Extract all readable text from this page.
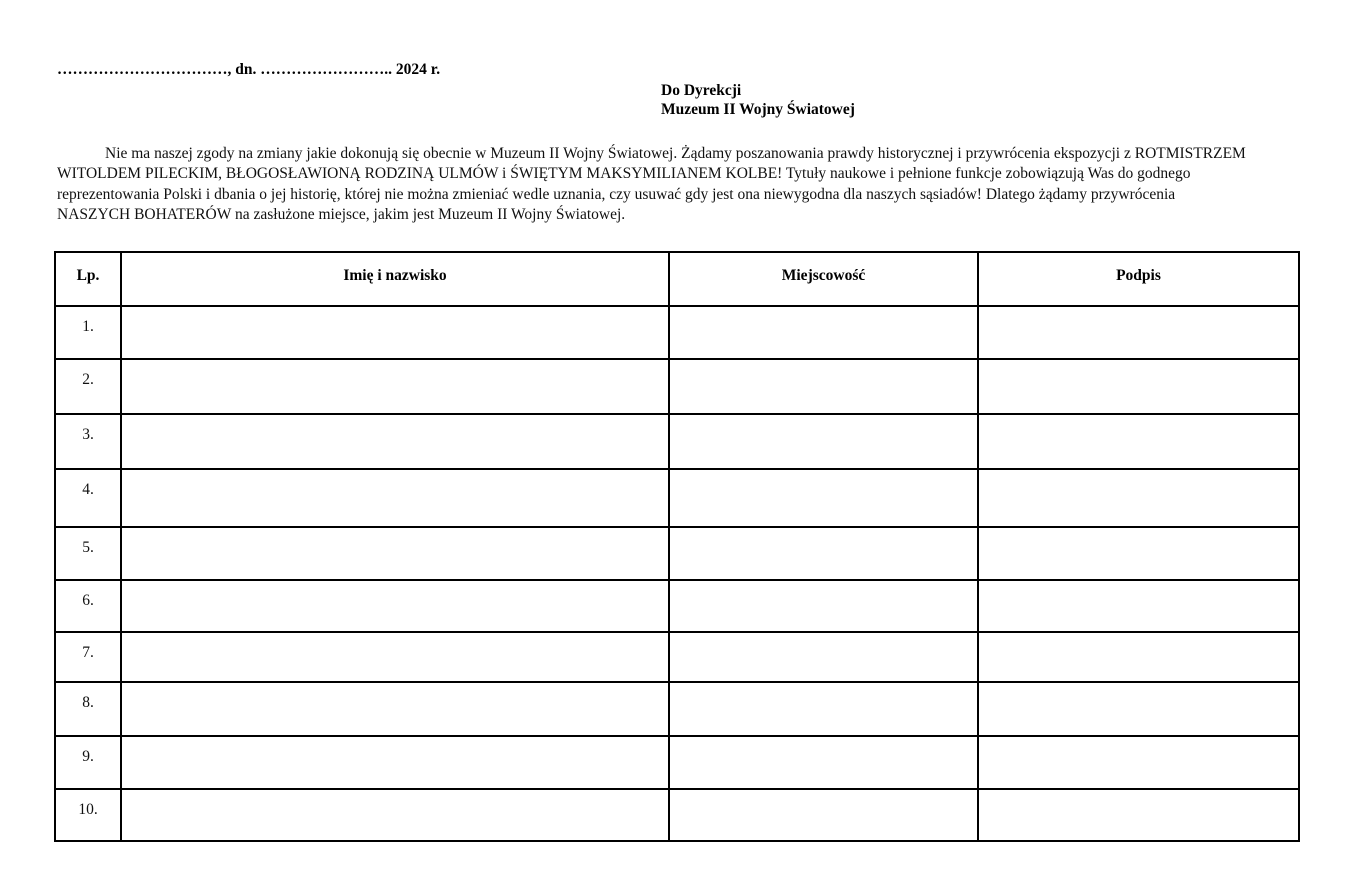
……………………………, dn. …………………….. 2024 r.
Do Dyrekcji
Muzeum II Wojny Światowej

Nie ma naszej zgody na zmiany jakie dokonują się obecnie w Muzeum II Wojny Światowej. Żądamy poszanowania prawdy historycznej i przywrócenia ekspozycji z ROTMISTRZEM WITOLDEM PILECKIM, BŁOGOSŁAWIONĄ RODZINĄ ULMÓW i ŚWIĘTYM MAKSYMILIANEM KOLBE! Tytuły naukowe i pełnione funkcje zobowiązują Was do godnego reprezentowania Polski i dbania o jej historię, której nie można zmieniać wedle uznania, czy usuwać gdy jest ona niewygodna dla naszych sąsiadów! Dlatego żądamy przywrócenia NASZYCH BOHATERÓW na zasłużone miejsce, jakim jest Muzeum II Wojny Światowej.

Lp.	Imię i nazwisko	Miejscowość	Podpis
1.			
2.			
3.			
4.			
5.			
6.			
7.			
8.			
9.			
10.			
